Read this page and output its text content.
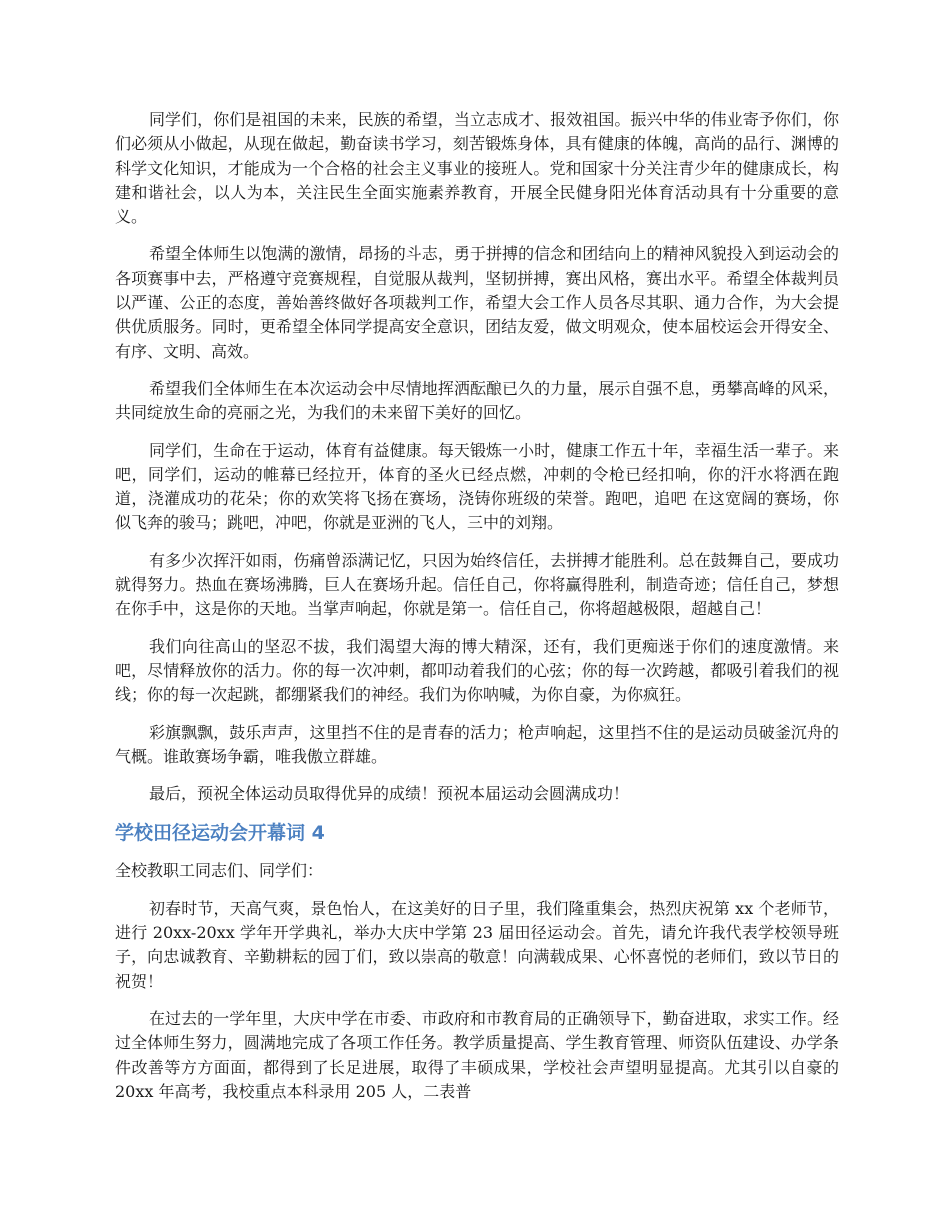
同学们，你们是祖国的未来，民族的希望，当立志成才、报效祖国。振兴中华的伟业寄予你们，你们必须从小做起，从现在做起，勤奋读书学习，刻苦锻炼身体，具有健康的体魄，高尚的品行、渊博的科学文化知识，才能成为一个合格的社会主义事业的接班人。党和国家十分关注青少年的健康成长，构建和谐社会，以人为本，关注民生全面实施素养教育，开展全民健身阳光体育活动具有十分重要的意义。

希望全体师生以饱满的激情，昂扬的斗志，勇于拼搏的信念和团结向上的精神风貌投入到运动会的各项赛事中去，严格遵守竞赛规程，自觉服从裁判，坚韧拼搏，赛出风格，赛出水平。希望全体裁判员以严谨、公正的态度，善始善终做好各项裁判工作，希望大会工作人员各尽其职、通力合作，为大会提供优质服务。同时，更希望全体同学提高安全意识，团结友爱，做文明观众，使本届校运会开得安全、有序、文明、高效。

希望我们全体师生在本次运动会中尽情地挥洒酝酿已久的力量，展示自强不息，勇攀高峰的风采，共同绽放生命的亮丽之光，为我们的未来留下美好的回忆。

同学们，生命在于运动，体育有益健康。每天锻炼一小时，健康工作五十年，幸福生活一辈子。来吧，同学们，运动的帷幕已经拉开，体育的圣火已经点燃，冲刺的令枪已经扣响，你的汗水将洒在跑道，浇灌成功的花朵；你的欢笑将飞扬在赛场，浇铸你班级的荣誉。跑吧，追吧 在这宽阔的赛场，你似飞奔的骏马；跳吧，冲吧，你就是亚洲的飞人，三中的刘翔。

有多少次挥汗如雨，伤痛曾添满记忆，只因为始终信任，去拼搏才能胜利。总在鼓舞自己，要成功就得努力。热血在赛场沸腾，巨人在赛场升起。信任自己，你将赢得胜利，制造奇迹；信任自己，梦想在你手中，这是你的天地。当掌声响起，你就是第一。信任自己，你将超越极限，超越自己！

我们向往高山的坚忍不拔，我们渴望大海的博大精深，还有，我们更痴迷于你们的速度激情。来吧，尽情释放你的活力。你的每一次冲刺，都叩动着我们的心弦；你的每一次跨越，都吸引着我们的视线；你的每一次起跳，都绷紧我们的神经。我们为你呐喊，为你自豪，为你疯狂。

彩旗飘飘，鼓乐声声，这里挡不住的是青春的活力；枪声响起，这里挡不住的是运动员破釜沉舟的气概。谁敢赛场争霸，唯我傲立群雄。

最后，预祝全体运动员取得优异的成绩！预祝本届运动会圆满成功！

学校田径运动会开幕词 4

全校教职工同志们、同学们：

初春时节，天高气爽，景色怡人，在这美好的日子里，我们隆重集会，热烈庆祝第 xx 个老师节，进行 20xx-20xx 学年开学典礼，举办大庆中学第 23 届田径运动会。首先，请允许我代表学校领导班子，向忠诚教育、辛勤耕耘的园丁们，致以崇高的敬意！向满载成果、心怀喜悦的老师们，致以节日的祝贺！

在过去的一学年里，大庆中学在市委、市政府和市教育局的正确领导下，勤奋进取，求实工作。经过全体师生努力，圆满地完成了各项工作任务。教学质量提高、学生教育管理、师资队伍建设、办学条件改善等方方面面，都得到了长足进展，取得了丰硕成果，学校社会声望明显提高。尤其引以自豪的 20xx 年高考，我校重点本科录用 205 人，二表普
